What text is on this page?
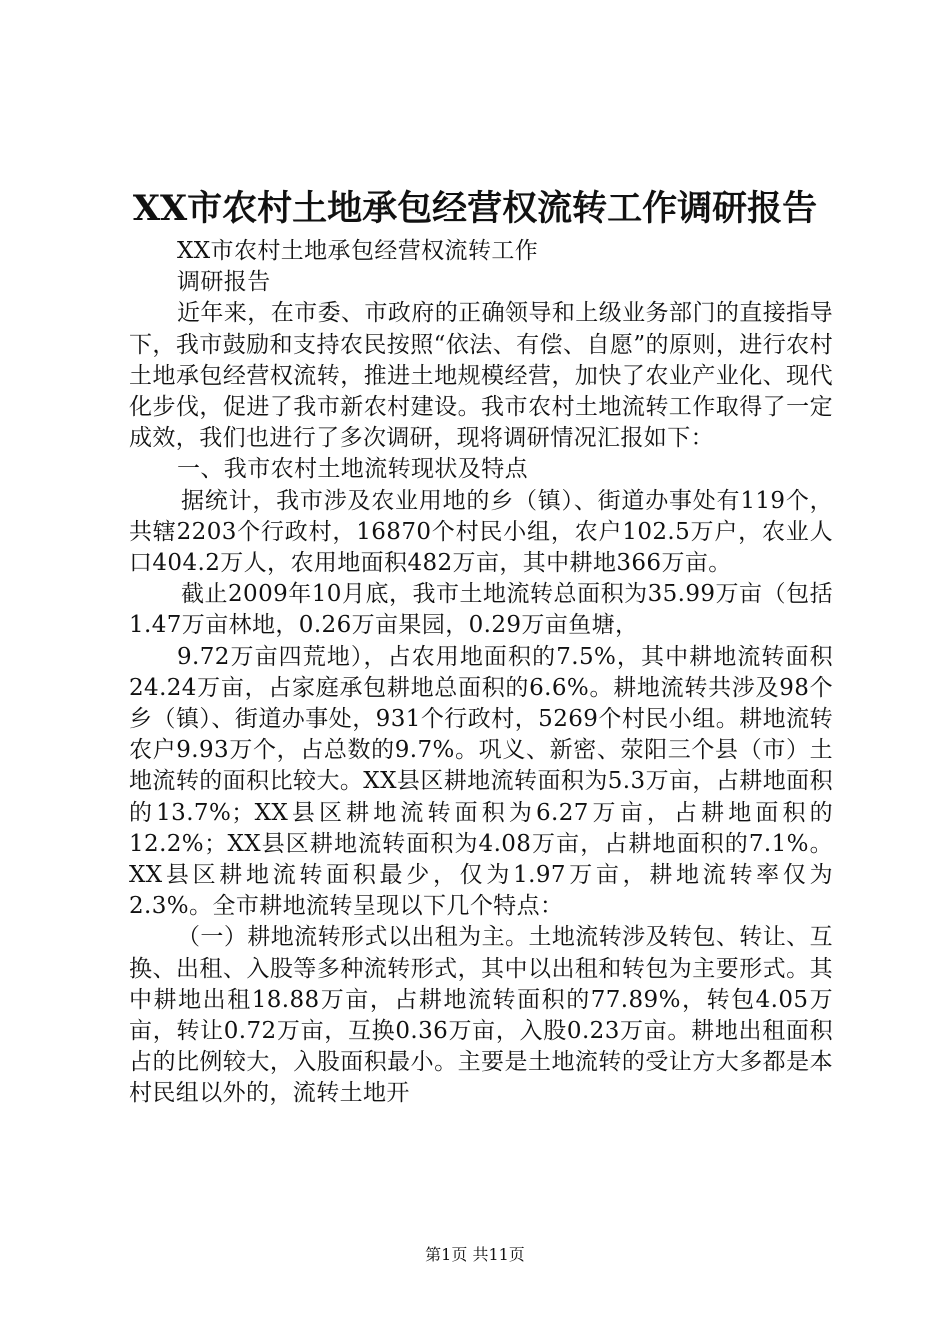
XX市农村土地承包经营权流转工作调研报告

XX市农村土地承包经营权流转工作

调研报告

近年来，在市委、市政府的正确领导和上级业务部门的直接指导下，我市鼓励和支持农民按照“依法、有偿、自愿”的原则，进行农村土地承包经营权流转，推进土地规模经营，加快了农业产业化、现代化步伐，促进了我市新农村建设。我市农村土地流转工作取得了一定成效，我们也进行了多次调研，现将调研情况汇报如下：

一、我市农村土地流转现状及特点

据统计，我市涉及农业用地的乡（镇）、街道办事处有119个，共辖2203个行政村，16870个村民小组，农户102.5万户，农业人口404.2万人，农用地面积482万亩，其中耕地366万亩。

截止2009年10月底，我市土地流转总面积为35.99万亩（包括1.47万亩林地，0.26万亩果园，0.29万亩鱼塘，

9.72万亩四荒地），占农用地面积的7.5%，其中耕地流转面积24.24万亩，占家庭承包耕地总面积的6.6%。耕地流转共涉及98个乡（镇）、街道办事处，931个行政村，5269个村民小组。耕地流转农户9.93万个，占总数的9.7%。巩义、新密、荥阳三个县（市）土地流转的面积比较大。XX县区耕地流转面积为5.3万亩，占耕地面积的13.7%；XX县区耕地流转面积为6.27万亩，占耕地面积的12.2%；XX县区耕地流转面积为4.08万亩，占耕地面积的7.1%。XX县区耕地流转面积最少，仅为1.97万亩，耕地流转率仅为2.3%。全市耕地流转呈现以下几个特点：

（一）耕地流转形式以出租为主。土地流转涉及转包、转让、互换、出租、入股等多种流转形式，其中以出租和转包为主要形式。其中耕地出租18.88万亩，占耕地流转面积的77.89%，转包4.05万亩，转让0.72万亩，互换0.36万亩，入股0.23万亩。耕地出租面积占的比例较大，入股面积最小。主要是土地流转的受让方大多都是本村民组以外的，流转土地开

第1页 共11页
